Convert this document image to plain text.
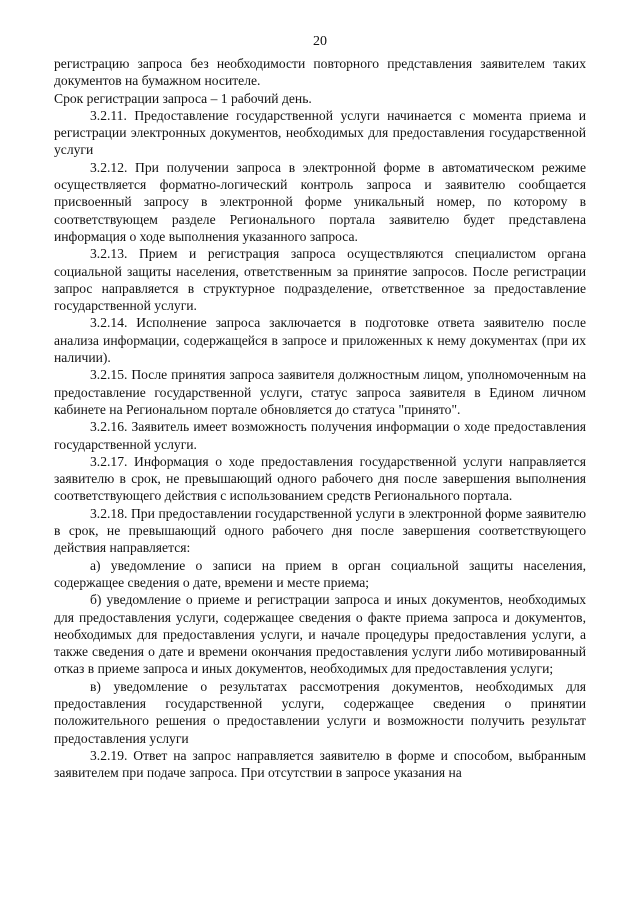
20

регистрацию запроса без необходимости повторного представления заявителем таких документов на бумажном носителе.

Срок регистрации запроса – 1 рабочий день.

3.2.11. Предоставление государственной услуги начинается с момента приема и регистрации электронных документов, необходимых для предоставления государственной услуги

3.2.12. При получении запроса в электронной форме в автоматическом режиме осуществляется форматно-логический контроль запроса и заявителю сообщается присвоенный запросу в электронной форме уникальный номер, по которому в соответствующем разделе Регионального портала заявителю будет представлена информация о ходе выполнения указанного запроса.

3.2.13. Прием и регистрация запроса осуществляются специалистом органа социальной защиты населения, ответственным за принятие запросов. После регистрации запрос направляется в структурное подразделение, ответственное за предоставление государственной услуги.

3.2.14. Исполнение запроса заключается в подготовке ответа заявителю после анализа информации, содержащейся в запросе и приложенных к нему документах (при их наличии).

3.2.15. После принятия запроса заявителя должностным лицом, уполномоченным на предоставление государственной услуги, статус запроса заявителя в Едином личном кабинете на Региональном портале обновляется до статуса "принято".

3.2.16. Заявитель имеет возможность получения информации о ходе предоставления государственной услуги.

3.2.17. Информация о ходе предоставления государственной услуги направляется заявителю в срок, не превышающий одного рабочего дня после завершения выполнения соответствующего действия с использованием средств Регионального портала.

3.2.18. При предоставлении государственной услуги в электронной форме заявителю в срок, не превышающий одного рабочего дня после завершения соответствующего действия направляется:

а) уведомление о записи на прием в орган социальной защиты населения, содержащее сведения о дате, времени и месте приема;

б) уведомление о приеме и регистрации запроса и иных документов, необходимых для предоставления услуги, содержащее сведения о факте приема запроса и документов, необходимых для предоставления услуги, и начале процедуры предоставления услуги, а также сведения о дате и времени окончания предоставления услуги либо мотивированный отказ в приеме запроса и иных документов, необходимых для предоставления услуги;

в) уведомление о результатах рассмотрения документов, необходимых для предоставления государственной услуги, содержащее сведения о принятии положительного решения о предоставлении услуги и возможности получить результат предоставления услуги

3.2.19. Ответ на запрос направляется заявителю в форме и способом, выбранным заявителем при подаче запроса. При отсутствии в запросе указания на
